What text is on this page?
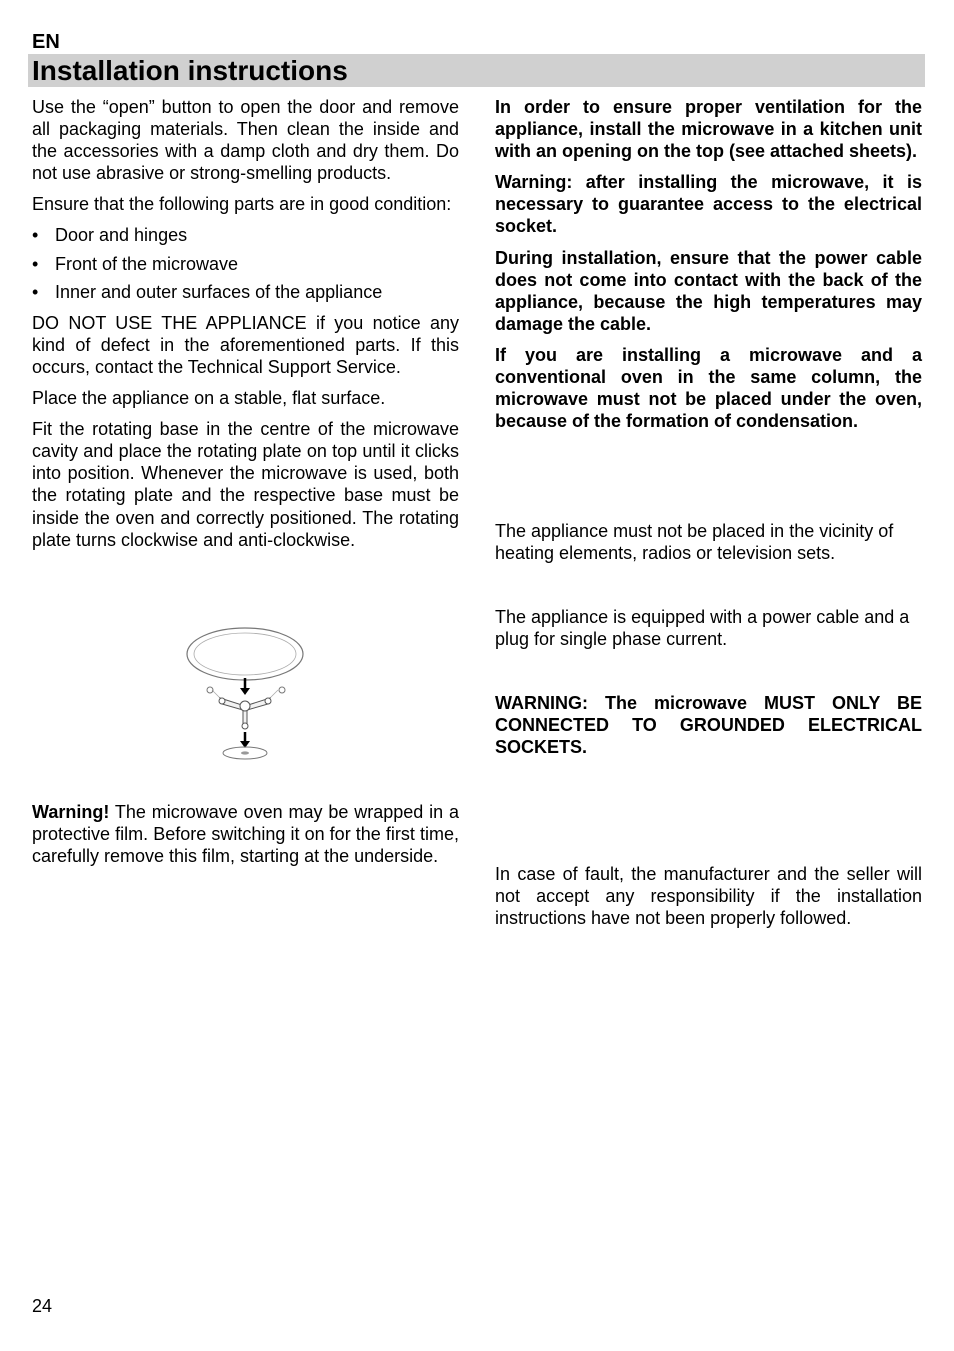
EN
Installation instructions

Use the “open” button to open the door and remove all packaging materials. Then clean the inside and the accessories with a damp cloth and dry them. Do not use abrasive or strong-smelling products.

Ensure that the following parts are in good condition:

• Door and hinges
• Front of the microwave
• Inner and outer surfaces of the appliance

DO NOT USE THE APPLIANCE if you notice any kind of defect in the aforementioned parts. If this occurs, contact the Technical Support Service.

Place the appliance on a stable, flat surface.

Fit the rotating base in the centre of the microwave cavity and place the rotating plate on top until it clicks into position. Whenever the microwave is used, both the rotating plate and the respective base must be inside the oven and correctly positioned. The rotating plate turns clockwise and anti-clockwise.

Warning! The microwave oven may be wrapped in a protective film. Before switching it on for the first time, carefully remove this film, starting at the underside.

In order to ensure proper ventilation for the appliance, install the microwave in a kitchen unit with an opening on the top (see attached sheets).

Warning: after installing the microwave, it is necessary to guarantee access to the electrical socket.

During installation, ensure that the power cable does not come into contact with the back of the appliance, because the high temperatures may damage the cable.

If you are installing a microwave and a conventional oven in the same column, the microwave must not be placed under the oven, because of the formation of condensation.

The appliance must not be placed in the vicinity of heating elements, radios or television sets.
The appliance is equipped with a power cable and a plug for single phase current.
WARNING: The microwave MUST ONLY BE CONNECTED TO GROUNDED ELECTRICAL SOCKETS.
In case of fault, the manufacturer and the seller will not accept any responsibility if the installation instructions have not been properly followed.
24
